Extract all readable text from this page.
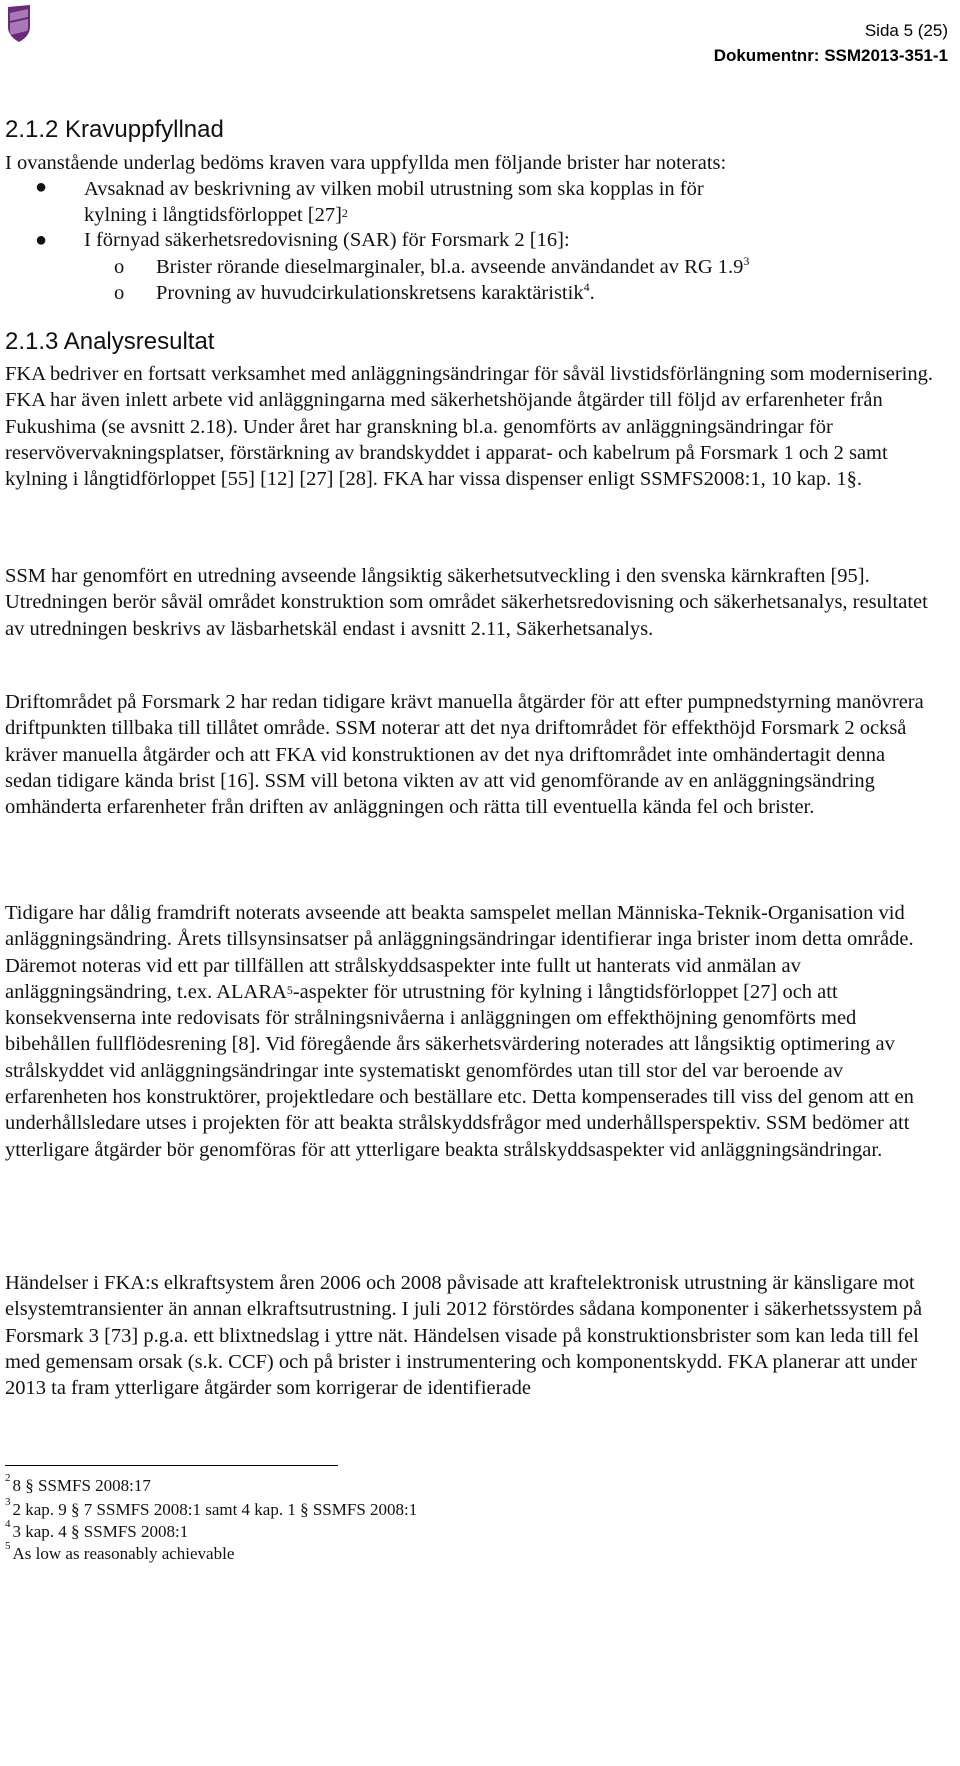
Sida 5 (25)
Dokumentnr: SSM2013-351-1
2.1.2 Kravuppfyllnad
I ovanstående underlag bedöms kraven vara uppfyllda men följande brister har noterats:
● Avsaknad av beskrivning av vilken mobil utrustning som ska kopplas in för
kylning i långtidsförloppet $[27]^2$
● I förnyad säkerhetsredovisning (SAR) för Forsmark 2 [16]:
o Brister rörande dieselmarginaler, bl.a. avseende användandet av RG $1.9^3$
o Provning av huvudcirkulationskretsens karaktäristik$^4$.
2.1.3 Analysresultat

FKA bedriver en fortsatt verksamhet med anläggningsändringar för såväl livstidsförlängning som modernisering. FKA har även inlett arbete vid anläggningarna med säkerhetshöjande åtgärder till följd av erfarenheter från Fukushima (se avsnitt 2.18). Under året har granskning bl.a. genomförts av anläggningsändringar för reservövervakningsplatser, förstärkning av brandskyddet i apparat- och kabelrum på Forsmark 1 och 2 samt kylning i långtidförloppet [55] [12] [27] [28]. FKA har vissa dispenser enligt SSMFS2008:1, 10 kap. 1§.

SSM har genomfört en utredning avseende långsiktig säkerhetsutveckling i den svenska kärnkraften [95]. Utredningen berör såväl området konstruktion som området säkerhetsredovisning och säkerhetsanalys, resultatet av utredningen beskrivs av läsbarhetskäl endast i avsnitt 2.11, Säkerhetsanalys.

Driftområdet på Forsmark 2 har redan tidigare krävt manuella åtgärder för att efter pumpnedstyrning manövrera driftpunkten tillbaka till tillåtet område. SSM noterar att det nya driftområdet för effekthöjd Forsmark 2 också kräver manuella åtgärder och att FKA vid konstruktionen av det nya driftområdet inte omhändertagit denna sedan tidigare kända brist [16]. SSM vill betona vikten av att vid genomförande av en anläggningsändring omhänderta erfarenheter från driften av anläggningen och rätta till eventuella kända fel och brister.

Tidigare har dålig framdrift noterats avseende att beakta samspelet mellan Människa-Teknik-Organisation vid anläggningsändring. Årets tillsynsinsatser på anläggningsändringar identifierar inga brister inom detta område. Däremot noteras vid ett par tillfällen att strålskyddsaspekter inte fullt ut hanterats vid anmälan av anläggningsändring, t.ex. ALARA$^5$-aspekter för utrustning för kylning i långtidsförloppet [27] och att konsekvenserna inte redovisats för strålningsnivåerna i anläggningen om effekthöjning genomförts med bibehållen fullflödesrening [8]. Vid föregående års säkerhetsvärdering noterades att långsiktig optimering av strålskyddet vid anläggningsändringar inte systematiskt genomfördes utan till stor del var beroende av erfarenheten hos konstruktörer, projektledare och beställare etc. Detta kompenserades till viss del genom att en underhållsledare utses i projekten för att beakta strålskyddsfrågor med underhållsperspektiv. SSM bedömer att ytterligare åtgärder bör genomföras för att ytterligare beakta strålskyddsaspekter vid anläggningsändringar.

Händelser i FKA:s elkraftsystem åren 2006 och 2008 påvisade att kraftelektronisk utrustning är känsligare mot elsystemtransienter än annan elkraftsutrustning. I juli 2012 förstördes sådana komponenter i säkerhetssystem på Forsmark 3 [73] p.g.a. ett blixtnedslag i yttre nät. Händelsen visade på konstruktionsbrister som kan leda till fel med gemensam orsak (s.k. CCF) och på brister i instrumentering och komponentskydd. FKA planerar att under 2013 ta fram ytterligare åtgärder som korrigerar de identifierade

$^2$ 8 § SSMFS 2008:17
$^3$ 2 kap. 9 § 7 SSMFS 2008:1 samt 4 kap. 1 § SSMFS 2008:1
$^4$ 3 kap. 4 § SSMFS 2008:1
$^5$ As low as reasonably achievable
